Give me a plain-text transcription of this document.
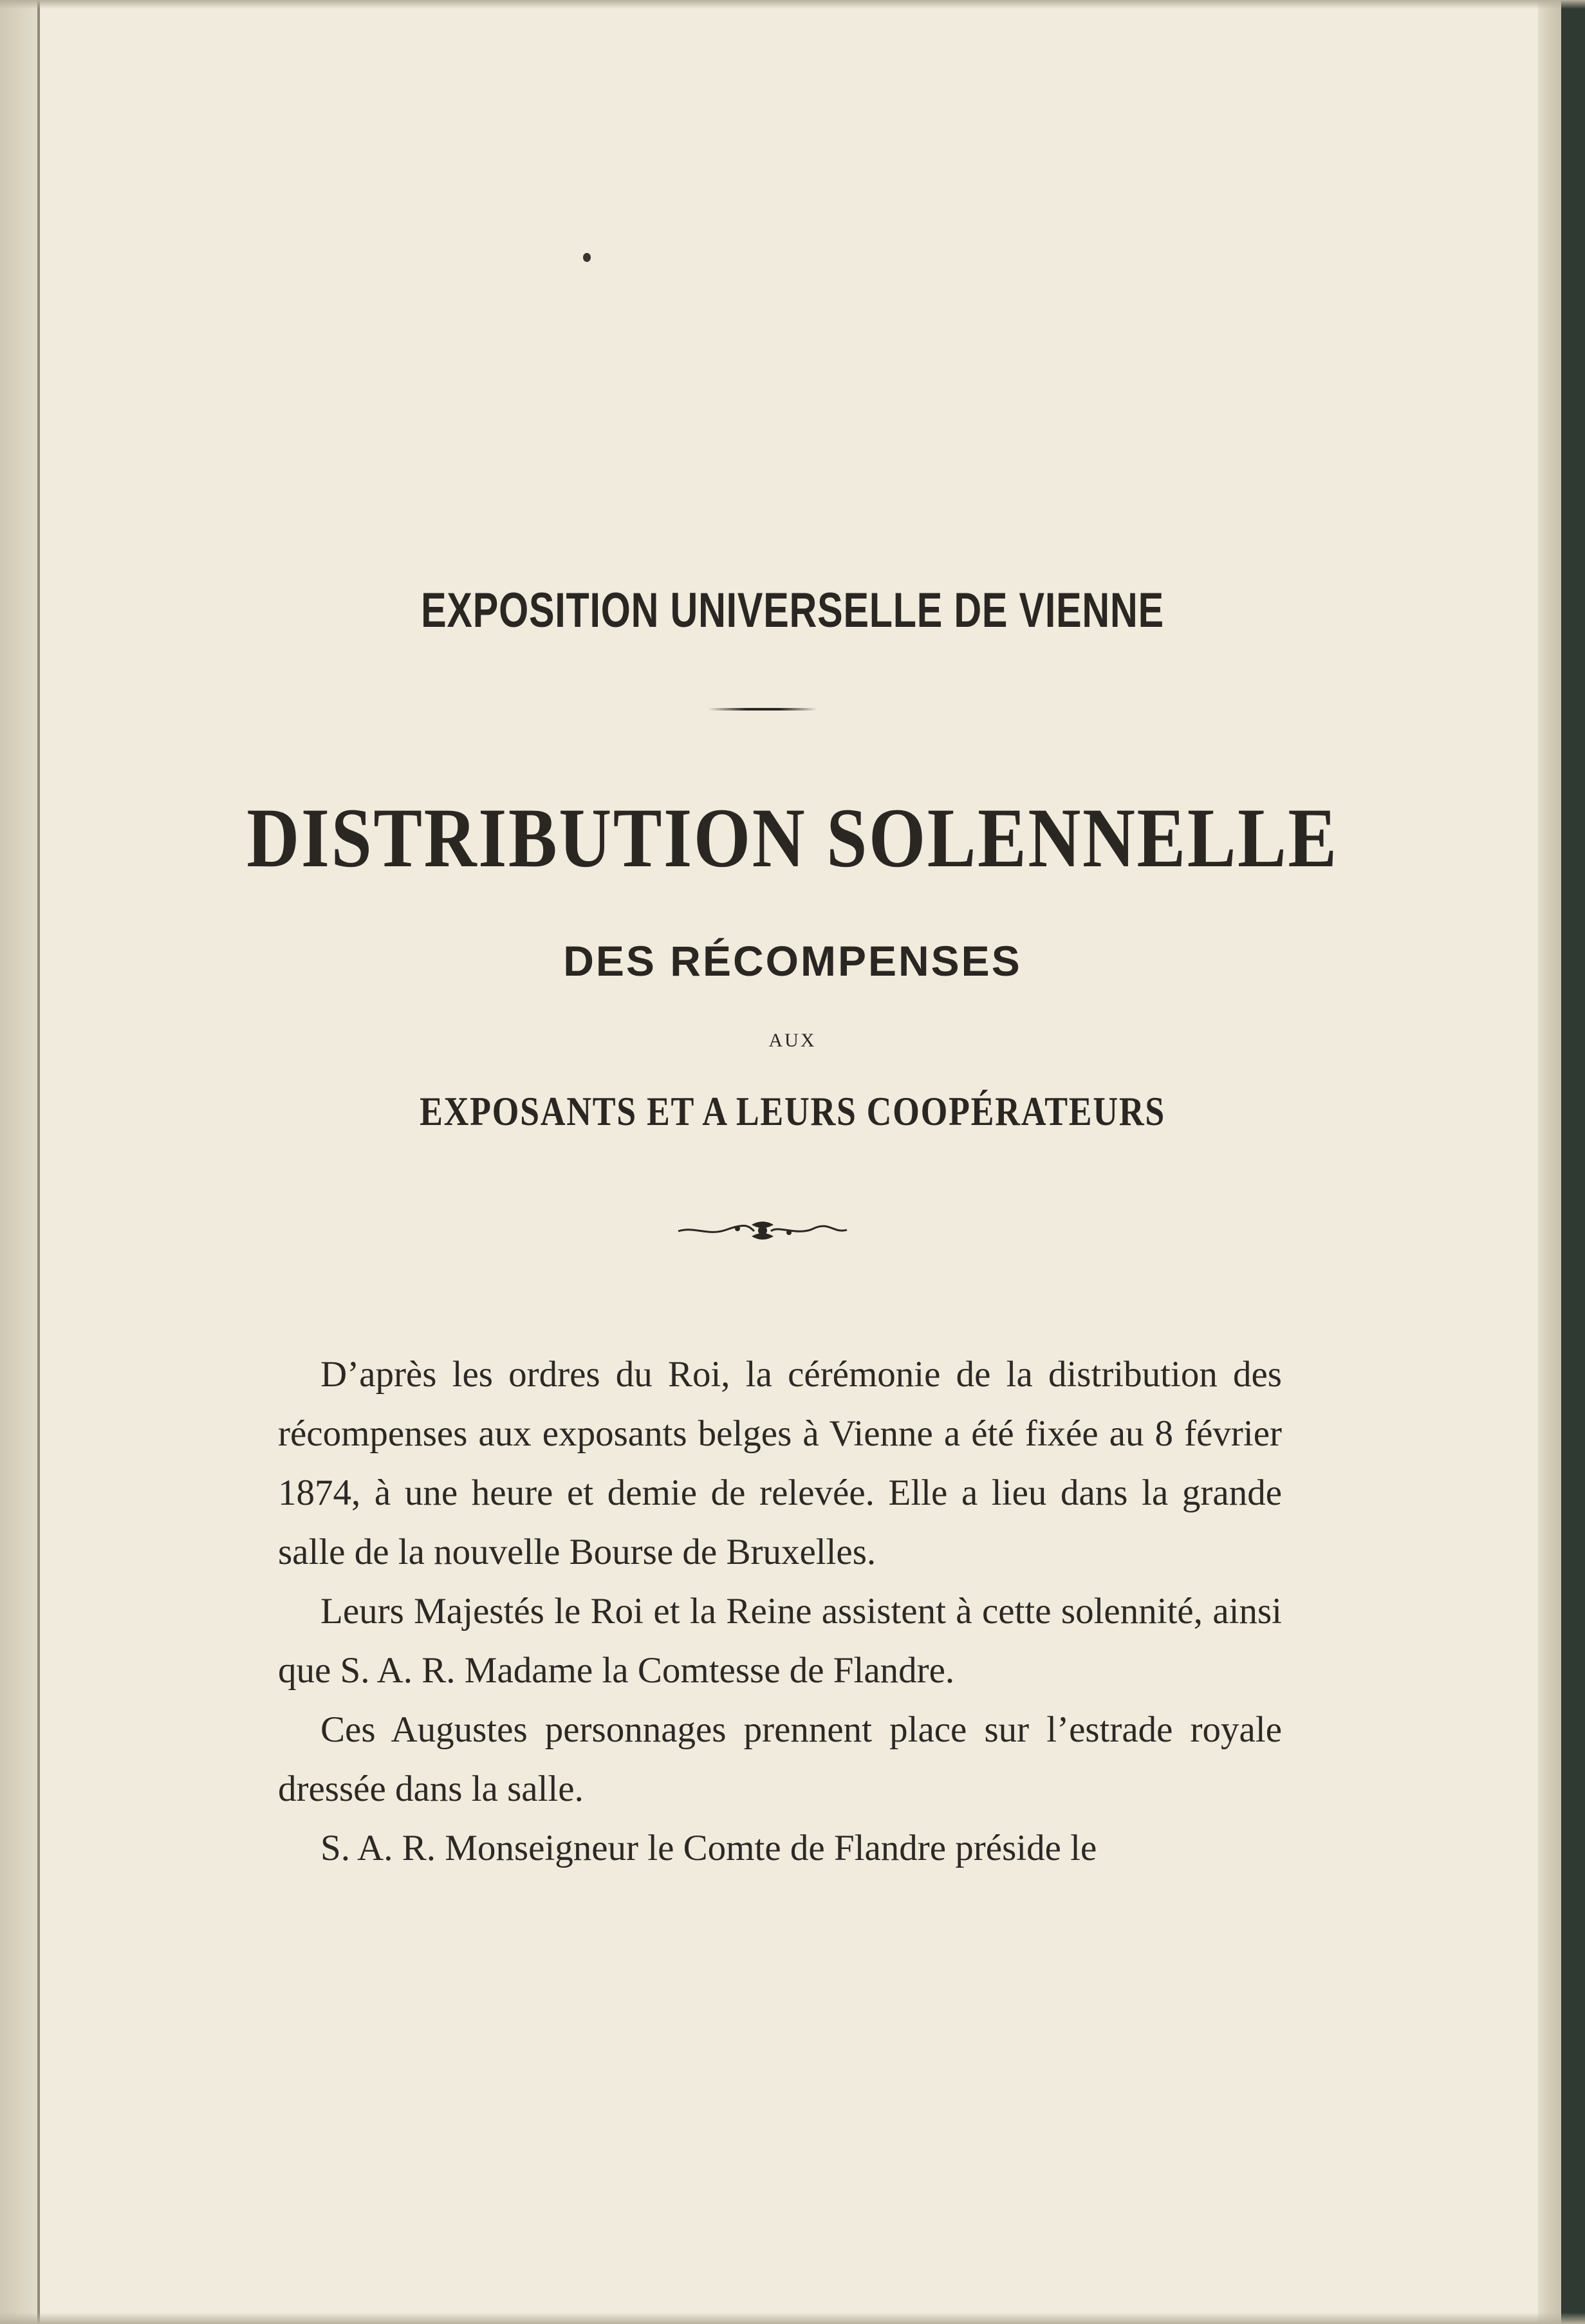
EXPOSITION UNIVERSELLE DE VIENNE
DISTRIBUTION SOLENNELLE
DES RÉCOMPENSES
AUX
EXPOSANTS ET A LEURS COOPÉRATEURS

D’après les ordres du Roi, la cérémonie de la distribution des récompenses aux exposants belges à Vienne a été fixée au 8 février 1874, à une heure et demie de relevée. Elle a lieu dans la grande salle de la nouvelle Bourse de Bruxelles.

Leurs Majestés le Roi et la Reine assistent à cette solennité, ainsi que S. A. R. Madame la Comtesse de Flandre.

Ces Augustes personnages prennent place sur l’estrade royale dressée dans la salle.

S. A. R. Monseigneur le Comte de Flandre préside le
